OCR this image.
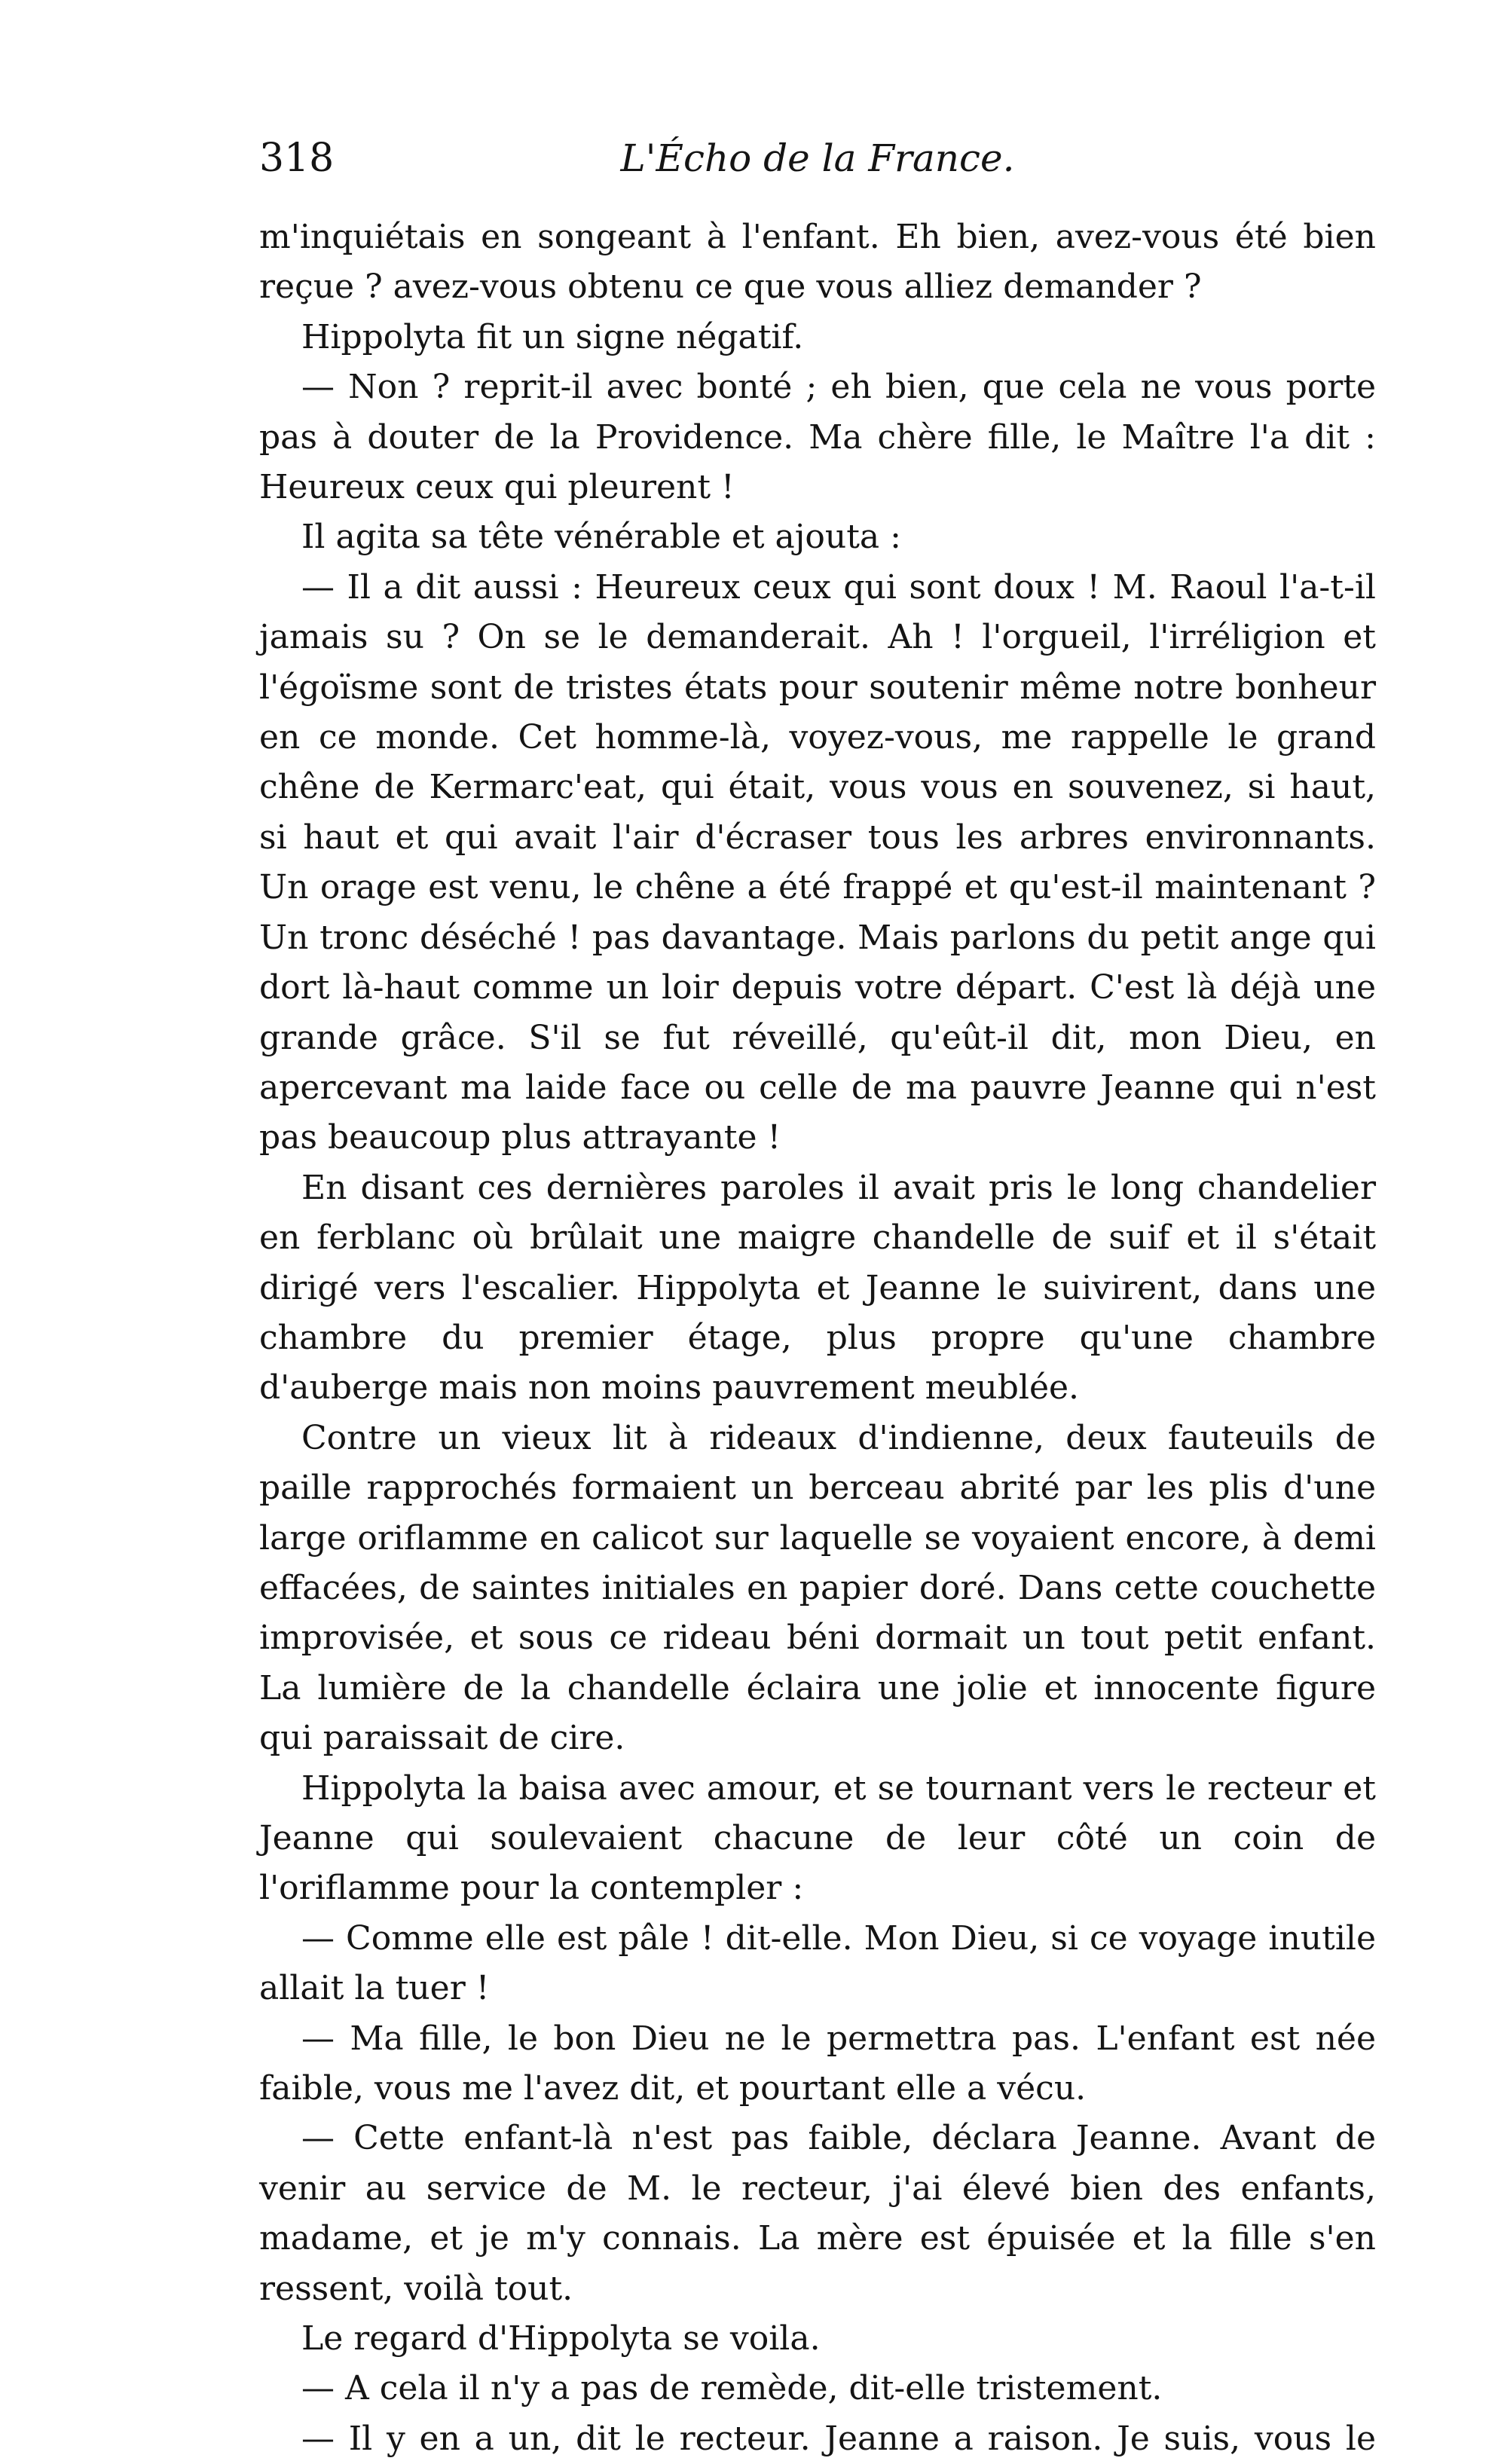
318	L'Écho de la France.

m'inquiétais en songeant à l'enfant. Eh bien, avez-vous été bien reçue ? avez-vous obtenu ce que vous alliez demander ?

Hippolyta fit un signe négatif.

— Non ? reprit-il avec bonté ; eh bien, que cela ne vous porte pas à douter de la Providence. Ma chère fille, le Maître l'a dit : Heureux ceux qui pleurent !

Il agita sa tête vénérable et ajouta :

— Il a dit aussi : Heureux ceux qui sont doux ! M. Raoul l'a-t-il jamais su ? On se le demanderait. Ah ! l'orgueil, l'irréligion et l'égoïsme sont de tristes états pour soutenir même notre bonheur en ce monde. Cet homme-là, voyez-vous, me rappelle le grand chêne de Kermarc'eat, qui était, vous vous en souvenez, si haut, si haut et qui avait l'air d'écraser tous les arbres environnants. Un orage est venu, le chêne a été frappé et qu'est-il maintenant ? Un tronc déséché ! pas davantage. Mais parlons du petit ange qui dort là-haut comme un loir depuis votre départ. C'est là déjà une grande grâce. S'il se fut réveillé, qu'eût-il dit, mon Dieu, en apercevant ma laide face ou celle de ma pauvre Jeanne qui n'est pas beaucoup plus attrayante !

En disant ces dernières paroles il avait pris le long chandelier en ferblanc où brûlait une maigre chandelle de suif et il s'était dirigé vers l'escalier. Hippolyta et Jeanne le suivirent, dans une chambre du premier étage, plus propre qu'une chambre d'auberge mais non moins pauvrement meublée.

Contre un vieux lit à rideaux d'indienne, deux fauteuils de paille rapprochés formaient un berceau abrité par les plis d'une large oriflamme en calicot sur laquelle se voyaient encore, à demi effacées, de saintes initiales en papier doré. Dans cette couchette improvisée, et sous ce rideau béni dormait un tout petit enfant. La lumière de la chandelle éclaira une jolie et innocente figure qui paraissait de cire.

Hippolyta la baisa avec amour, et se tournant vers le recteur et Jeanne qui soulevaient chacune de leur côté un coin de l'oriflamme pour la contempler :

— Comme elle est pâle ! dit-elle. Mon Dieu, si ce voyage inutile allait la tuer !

— Ma fille, le bon Dieu ne le permettra pas. L'enfant est née faible, vous me l'avez dit, et pourtant elle a vécu.

— Cette enfant-là n'est pas faible, déclara Jeanne. Avant de venir au service de M. le recteur, j'ai élevé bien des enfants, madame, et je m'y connais. La mère est épuisée et la fille s'en ressent, voilà tout.

Le regard d'Hippolyta se voila.

— A cela il n'y a pas de remède, dit-elle tristement.

— Il y en a un, dit le recteur. Jeanne a raison. Je suis, vous le
